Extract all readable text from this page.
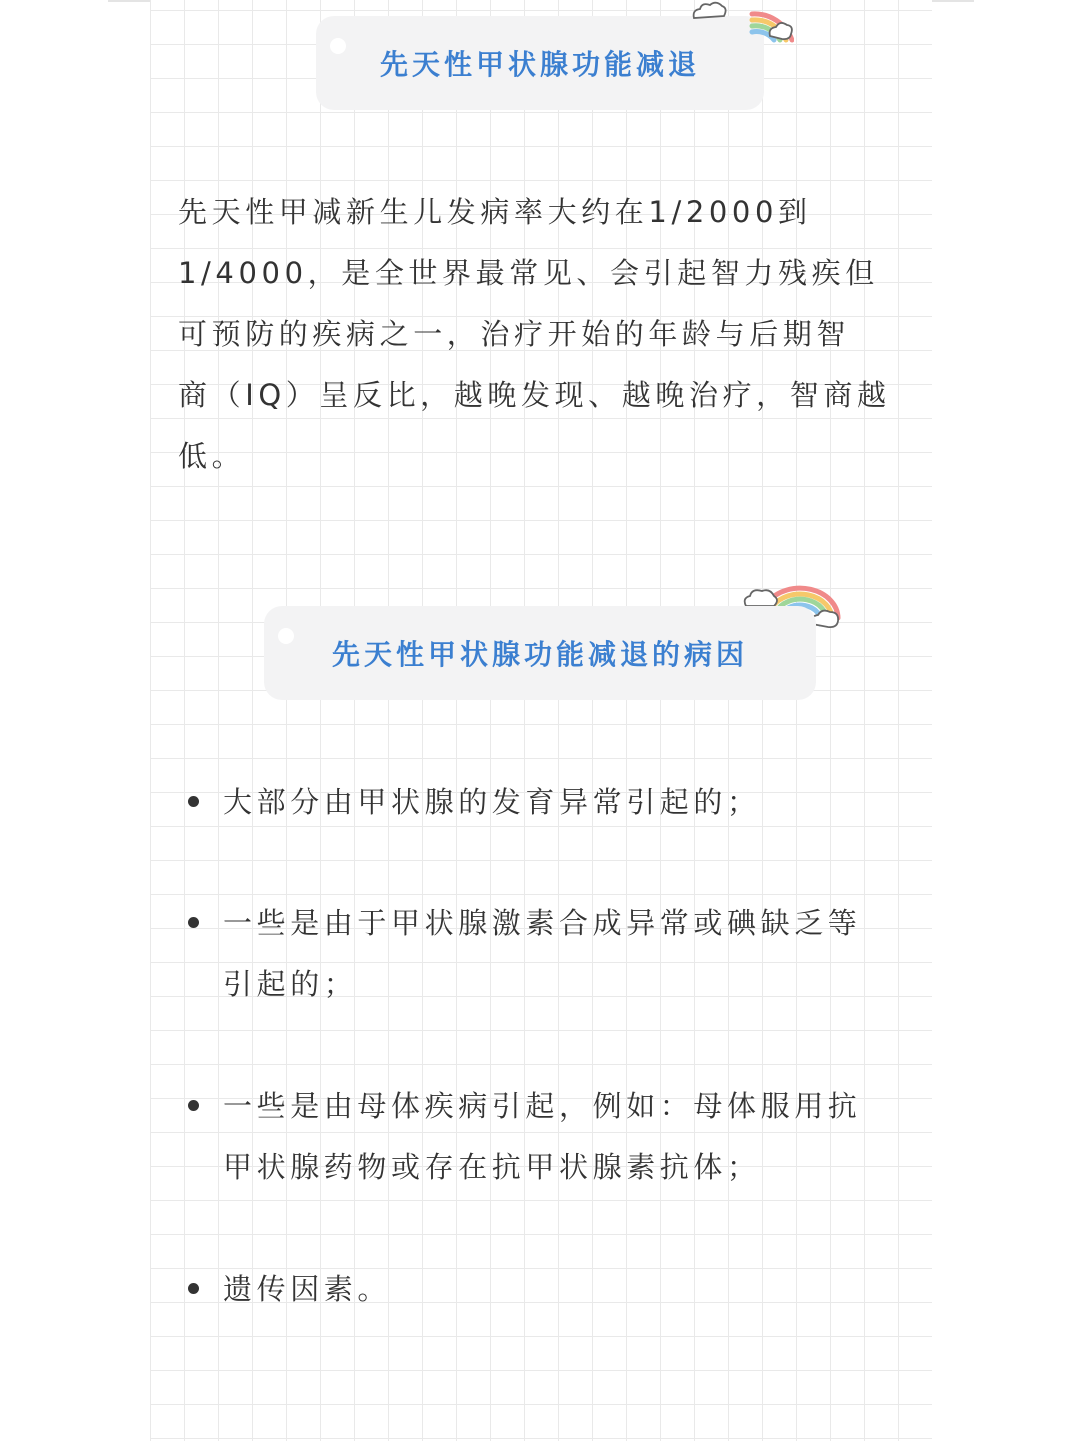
先天性甲状腺功能减退
先天性甲减新生儿发病率大约在1/2000到
1/4000，是全世界最常见、会引起智力残疾但
可预防的疾病之一，治疗开始的年龄与后期智
商（IQ）呈反比，越晚发现、越晚治疗，智商越
低。
先天性甲状腺功能减退的病因
大部分由甲状腺的发育异常引起的；
一些是由于甲状腺激素合成异常或碘缺乏等
引起的；
一些是由母体疾病引起，例如：母体服用抗
甲状腺药物或存在抗甲状腺素抗体；
遗传因素。
